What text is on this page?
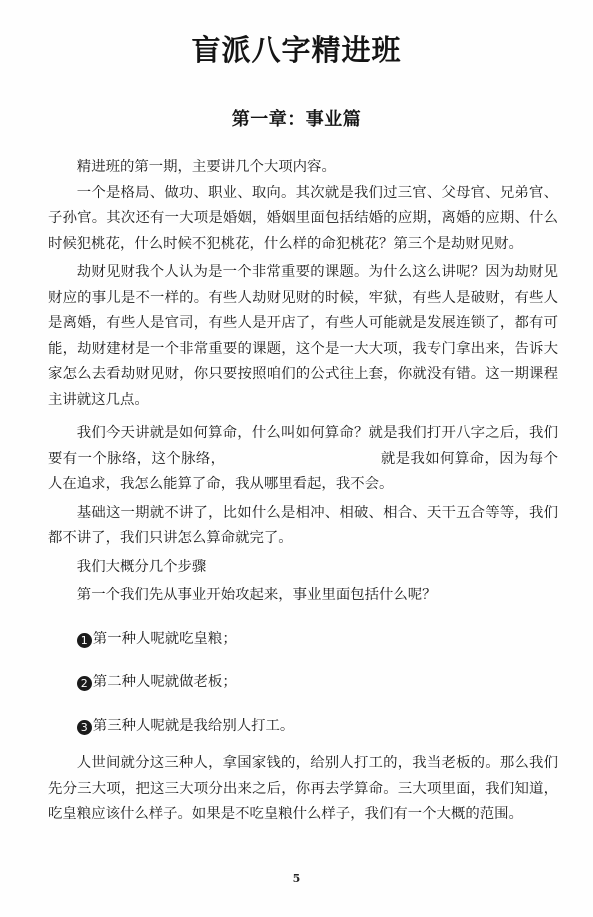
盲派八字精进班
第一章：事业篇

精进班的第一期，主要讲几个大项内容。

一个是格局、做功、职业、取向。其次就是我们过三官、父母官、兄弟官、子孙官。其次还有一大项是婚姻，婚姻里面包括结婚的应期，离婚的应期、什么时候犯桃花，什么时候不犯桃花，什么样的命犯桃花？第三个是劫财见财。

劫财见财我个人认为是一个非常重要的课题。为什么这么讲呢？因为劫财见财应的事儿是不一样的。有些人劫财见财的时候，牢狱，有些人是破财，有些人是离婚，有些人是官司，有些人是开店了，有些人可能就是发展连锁了，都有可能，劫财建材是一个非常重要的课题，这个是一大大项，我专门拿出来，告诉大家怎么去看劫财见财，你只要按照咱们的公式往上套，你就没有错。这一期课程主讲就这几点。

我们今天讲就是如何算命，什么叫如何算命？就是我们打开八字之后，我们要有一个脉络，这个脉络，　　　　　　　　　　　就是我如何算命，因为每个人在追求，我怎么能算了命，我从哪里看起，我不会。

基础这一期就不讲了，比如什么是相冲、相破、相合、天干五合等等，我们都不讲了，我们只讲怎么算命就完了。

我们大概分几个步骤

第一个我们先从事业开始攻起来，事业里面包括什么呢？

1 第一种人呢就吃皇粮；

2 第二种人呢就做老板；

3 第三种人呢就是我给别人打工。

人世间就分这三种人，拿国家钱的，给别人打工的，我当老板的。那么我们先分三大项，把这三大项分出来之后，你再去学算命。三大项里面，我们知道，吃皇粮应该什么样子。如果是不吃皇粮什么样子，我们有一个大概的范围。

5
